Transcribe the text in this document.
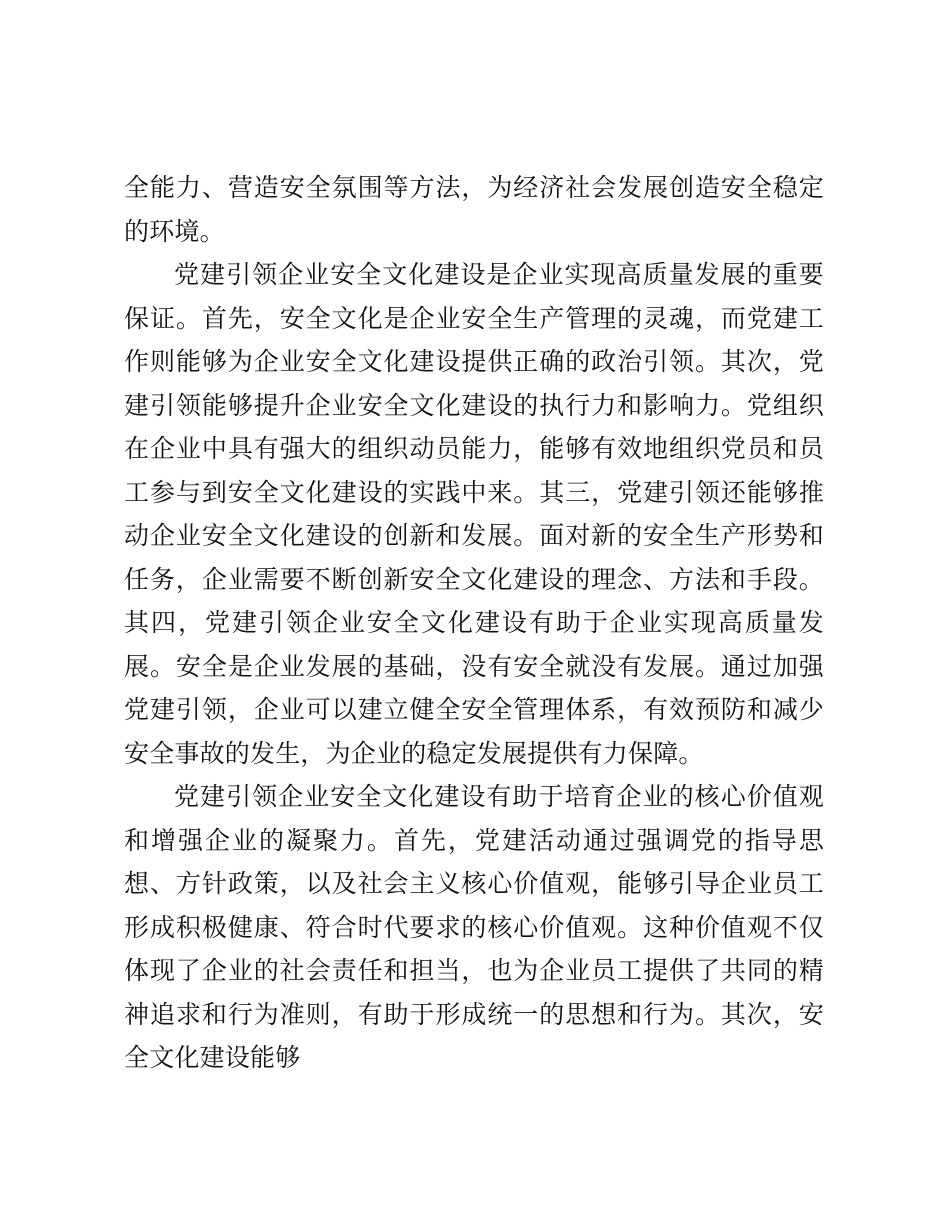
全能力、营造安全氛围等方法，为经济社会发展创造安全稳定的环境。

党建引领企业安全文化建设是企业实现高质量发展的重要保证。首先，安全文化是企业安全生产管理的灵魂，而党建工作则能够为企业安全文化建设提供正确的政治引领。其次，党建引领能够提升企业安全文化建设的执行力和影响力。党组织在企业中具有强大的组织动员能力，能够有效地组织党员和员工参与到安全文化建设的实践中来。其三，党建引领还能够推动企业安全文化建设的创新和发展。面对新的安全生产形势和任务，企业需要不断创新安全文化建设的理念、方法和手段。其四，党建引领企业安全文化建设有助于企业实现高质量发展。安全是企业发展的基础，没有安全就没有发展。通过加强党建引领，企业可以建立健全安全管理体系，有效预防和减少安全事故的发生，为企业的稳定发展提供有力保障。

党建引领企业安全文化建设有助于培育企业的核心价值观和增强企业的凝聚力。首先，党建活动通过强调党的指导思想、方针政策，以及社会主义核心价值观，能够引导企业员工形成积极健康、符合时代要求的核心价值观。这种价值观不仅体现了企业的社会责任和担当，也为企业员工提供了共同的精神追求和行为准则，有助于形成统一的思想和行为。其次，安全文化建设能够
